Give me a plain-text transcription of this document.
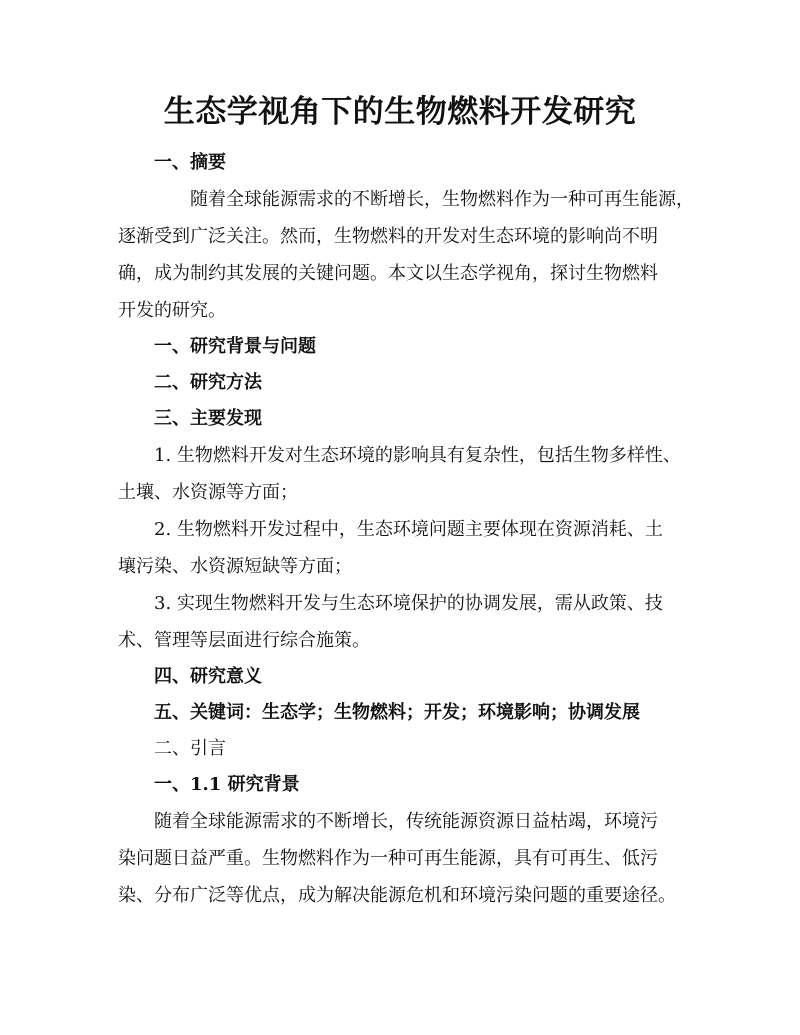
生态学视角下的生物燃料开发研究
一、摘要
随着全球能源需求的不断增长，生物燃料作为一种可再生能源，
逐渐受到广泛关注。然而，生物燃料的开发对生态环境的影响尚不明
确，成为制约其发展的关键问题。本文以生态学视角，探讨生物燃料
开发的研究。
一、研究背景与问题
二、研究方法
三、主要发现
1. 生物燃料开发对生态环境的影响具有复杂性，包括生物多样性、
土壤、水资源等方面；
2. 生物燃料开发过程中，生态环境问题主要体现在资源消耗、土
壤污染、水资源短缺等方面；
3. 实现生物燃料开发与生态环境保护的协调发展，需从政策、技
术、管理等层面进行综合施策。
四、研究意义
五、关键词：生态学；生物燃料；开发；环境影响；协调发展
二、引言
一、1.1 研究背景
随着全球能源需求的不断增长，传统能源资源日益枯竭，环境污
染问题日益严重。生物燃料作为一种可再生能源，具有可再生、低污
染、分布广泛等优点，成为解决能源危机和环境污染问题的重要途径。
